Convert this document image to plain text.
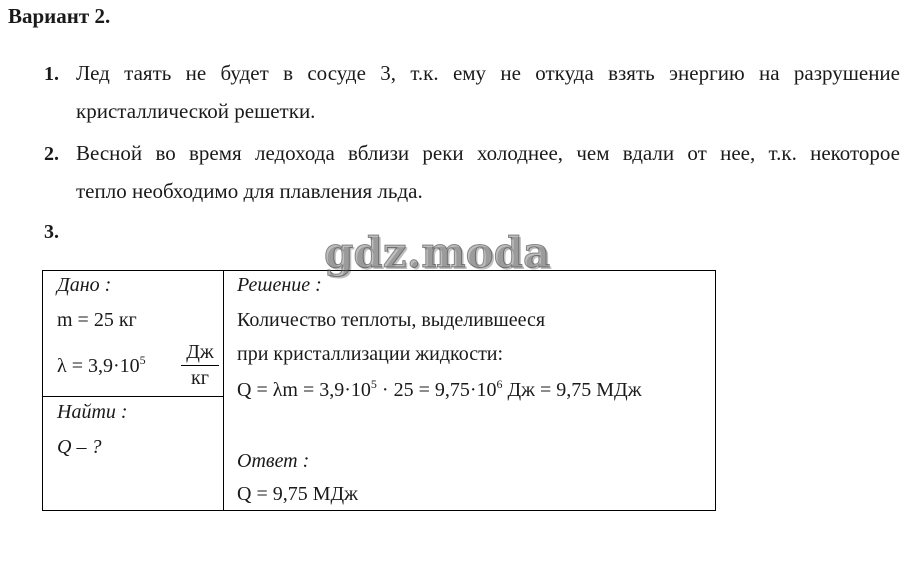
Вариант 2.
1. Лед таять не будет в сосуде 3, т.к. ему не откуда взять энергию на разрушение
кристаллической решетки.
2. Весной во время ледохода вблизи реки холоднее, чем вдали от нее, т.к. некоторое
тепло необходимо для плавления льда.
3.
Дано :
m = 25 кг
$\lambda = 3,9\cdot 10^5$ Дж
кг
Найти :
Q – ?
Решение :
Количество теплоты, выделившееся
при кристаллизации жидкости:
$Q = \lambda m = 3,9\cdot 10^5 \cdot 25 = 9,75\cdot 10^6$ Дж = 9,75 МДж
Ответ :
Q = 9,75 МДж
gdz.moda
